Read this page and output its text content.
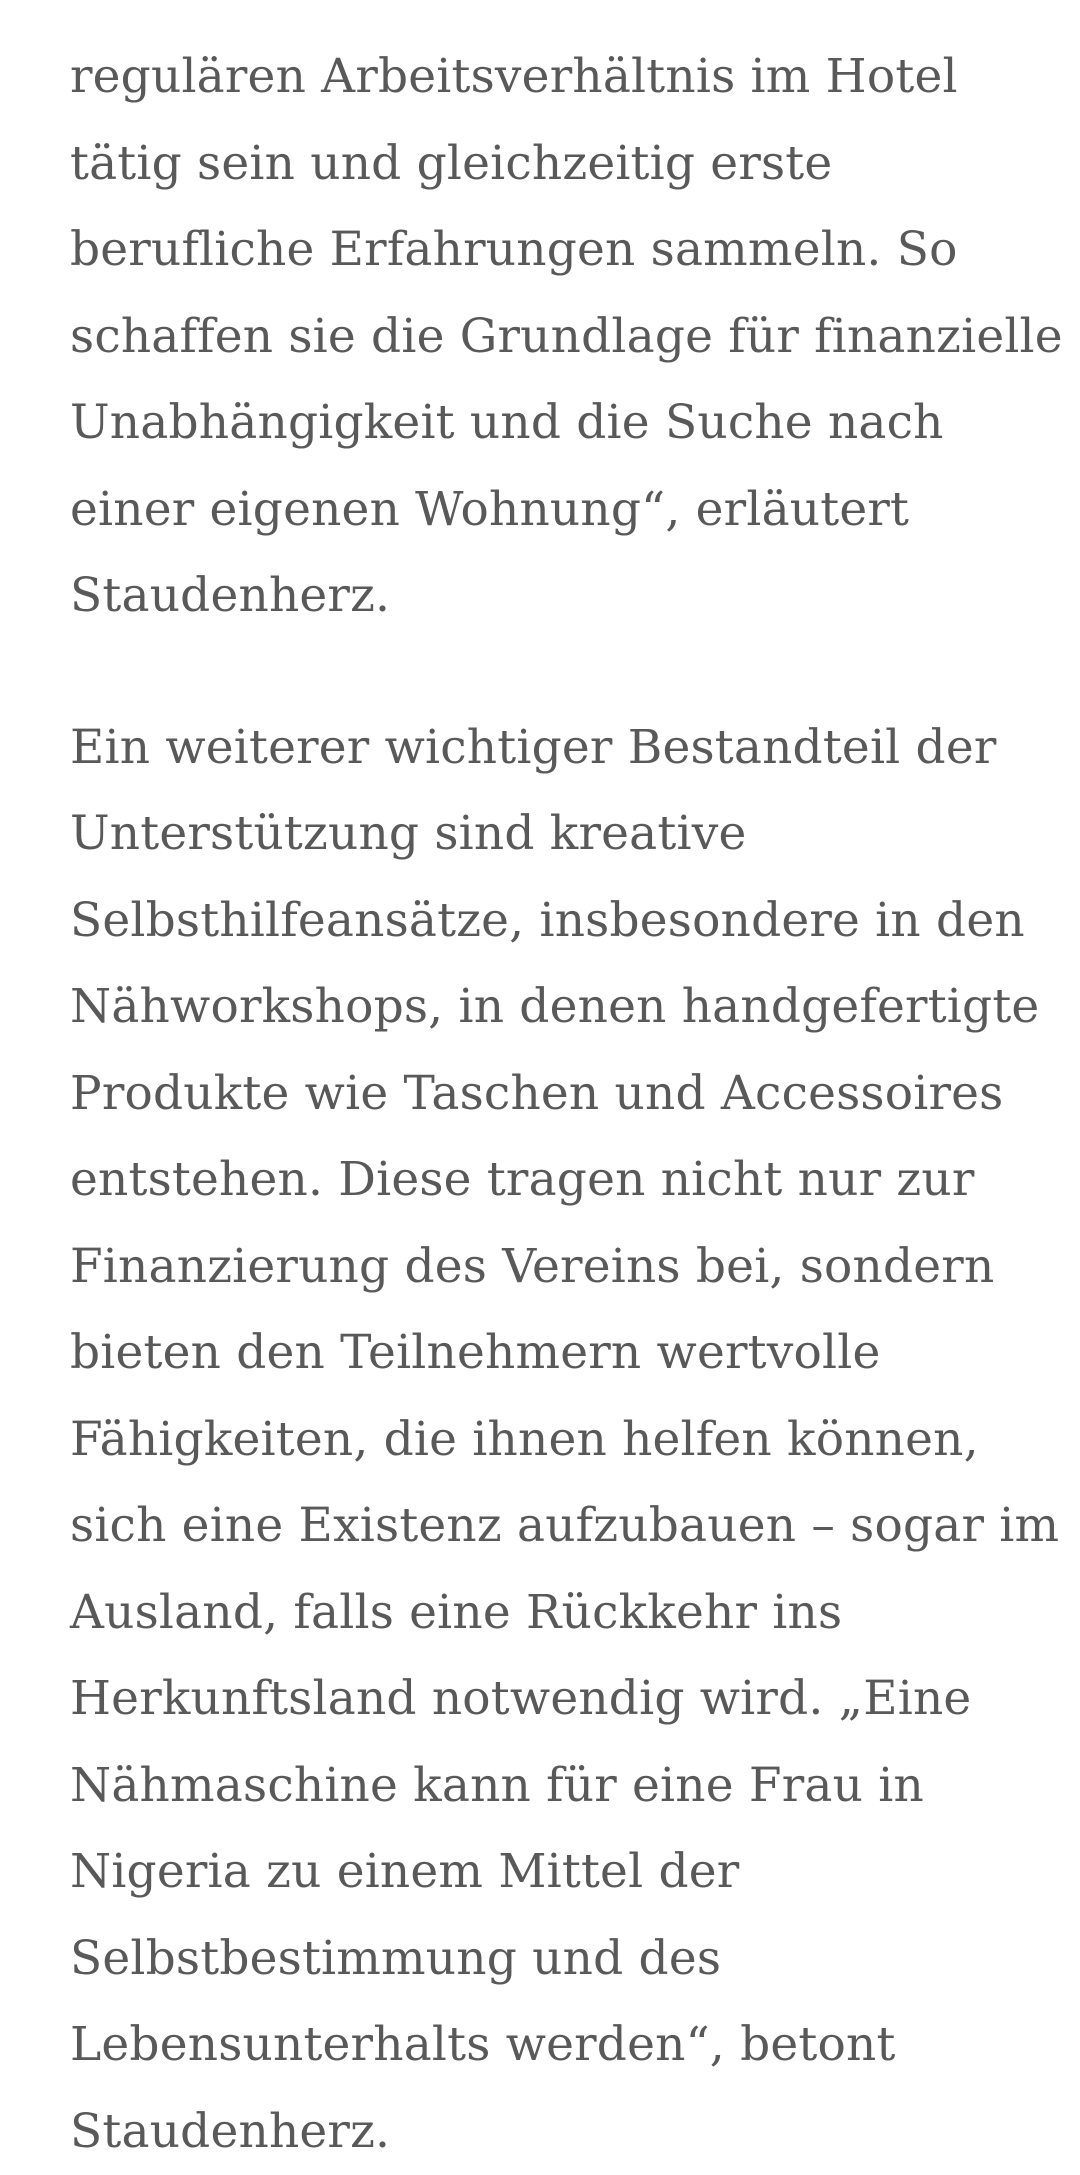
regulären Arbeitsverhältnis im Hotel
tätig sein und gleichzeitig erste
berufliche Erfahrungen sammeln. So
schaffen sie die Grundlage für finanzielle
Unabhängigkeit und die Suche nach
einer eigenen Wohnung“, erläutert
Staudenherz.

Ein weiterer wichtiger Bestandteil der
Unterstützung sind kreative
Selbsthilfeansätze, insbesondere in den
Nähworkshops, in denen handgefertigte
Produkte wie Taschen und Accessoires
entstehen. Diese tragen nicht nur zur
Finanzierung des Vereins bei, sondern
bieten den Teilnehmern wertvolle
Fähigkeiten, die ihnen helfen können,
sich eine Existenz aufzubauen – sogar im
Ausland, falls eine Rückkehr ins
Herkunftsland notwendig wird. „Eine
Nähmaschine kann für eine Frau in
Nigeria zu einem Mittel der
Selbstbestimmung und des
Lebensunterhalts werden“, betont
Staudenherz.
